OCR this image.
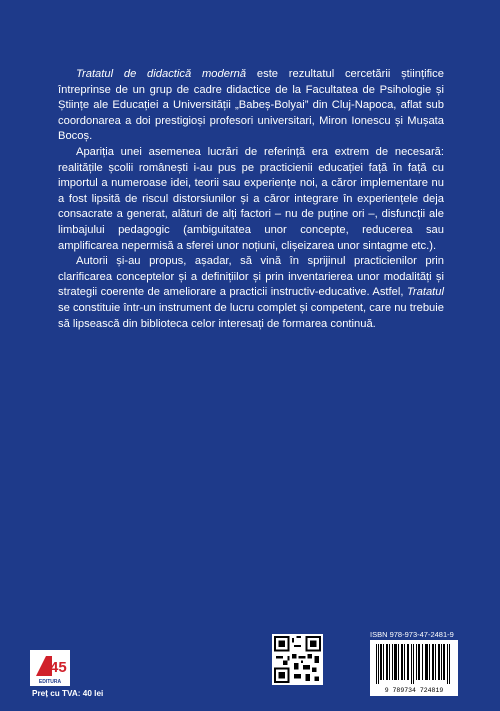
Tratatul de didactică modernă este rezultatul cercetării științifice întreprinse de un grup de cadre didactice de la Facultatea de Psihologie și Științe ale Educației a Universității „Babeș-Bolyai” din Cluj-Napoca, aflat sub coordonarea a doi prestigioși profesori universitari, Miron Ionescu și Mușata Bocoș.

Apariția unei asemenea lucrări de referință era extrem de necesară: realitățile școlii românești i-au pus pe practicienii educației față în față cu importul a numeroase idei, teorii sau experiențe noi, a căror implementare nu a fost lipsită de riscul distorsiunilor și a căror integrare în experiențele deja consacrate a generat, alături de alți factori – nu de puține ori –, disfuncții ale limbajului pedagogic (ambiguitatea unor concepte, reducerea sau amplificarea nepermisă a sferei unor noțiuni, clișeizarea unor sintagme etc.).

Autorii și-au propus, așadar, să vină în sprijinul practicienilor prin clarificarea conceptelor și a definițiilor și prin inventarierea unor modalități și strategii coerente de ameliorare a practicii instructiv-educative. Astfel, Tratatul se constituie într-un instrument de lucru complet și competent, care nu trebuie să lipsească din biblioteca celor interesați de formarea continuă.

45
EDITURA
Preț cu TVA: 40 lei
ISBN 978-973-47-2481-9
9 789734 724819
